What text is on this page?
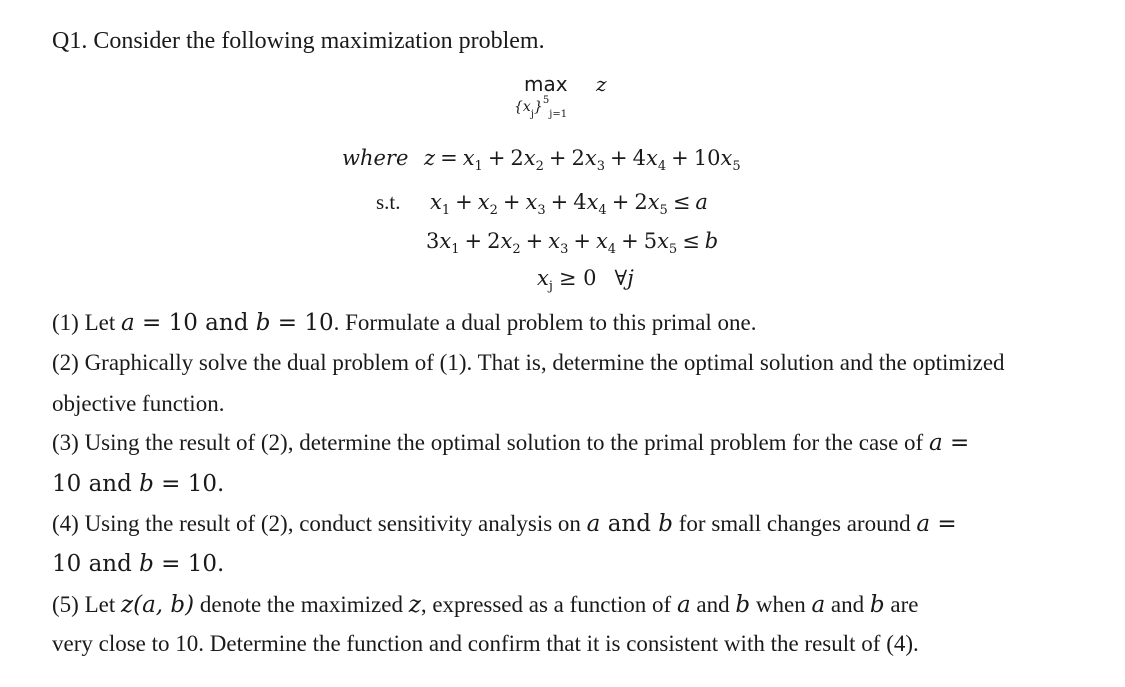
Q1. Consider the following maximization problem.
max z
$\{x_j\}^5_{j=1}$
where $z = x_1 + 2x_2 + 2x_3 + 4x_4 + 10x_5$
s.t. $x_1 + x_2 + x_3 + 4x_4 + 2x_5 \le a$
$3x_1 + 2x_2 + x_3 + x_4 + 5x_5 \le b$
$x_j \ge 0$ ∀j
(1) Let a = 10 and b = 10. Formulate a dual problem to this primal one.
(2) Graphically solve the dual problem of (1). That is, determine the optimal solution and the optimized
objective function.
(3) Using the result of (2), determine the optimal solution to the primal problem for the case of a =
10 and b = 10.
(4) Using the result of (2), conduct sensitivity analysis on a and b for small changes around a =
10 and b = 10.
(5) Let z(a, b) denote the maximized z, expressed as a function of a and b when a and b are
very close to 10. Determine the function and confirm that it is consistent with the result of (4).
